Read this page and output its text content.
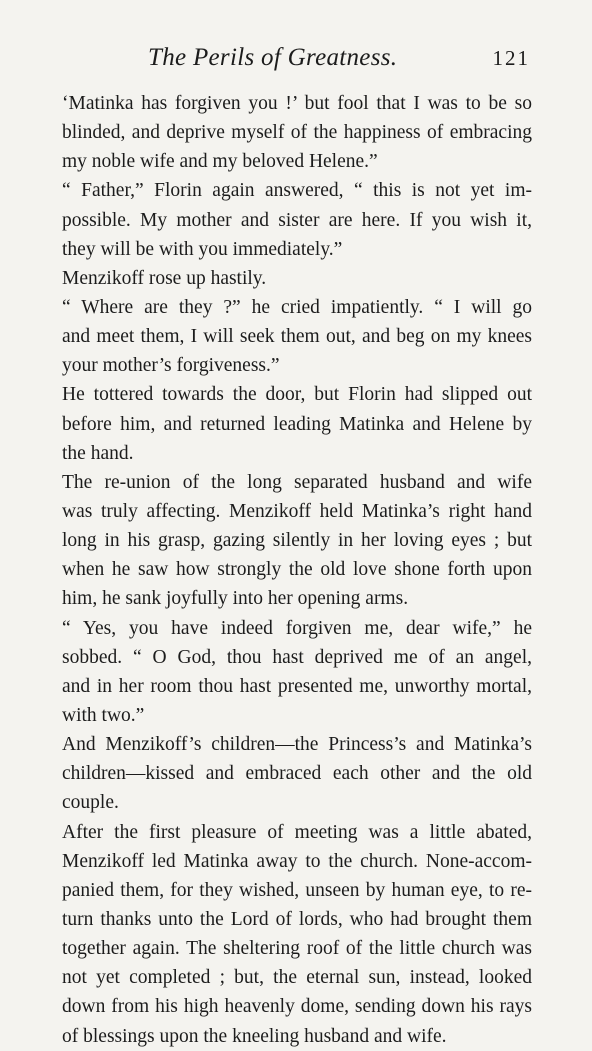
The Perils of Greatness.	121
‘Matinka has forgiven you !’ but fool that I was to be so
blinded, and deprive myself of the happiness of embracing
my noble wife and my beloved Helene.”
“ Father,” Florin again answered, “ this is not yet im-
possible. My mother and sister are here. If you wish it,
they will be with you immediately.”
Menzikoff rose up hastily.
“ Where are they ?” he cried impatiently. “ I will go
and meet them, I will seek them out, and beg on my knees
your mother’s forgiveness.”
He tottered towards the door, but Florin had slipped out
before him, and returned leading Matinka and Helene by
the hand.
The re-union of the long separated husband and wife
was truly affecting. Menzikoff held Matinka’s right hand
long in his grasp, gazing silently in her loving eyes ; but
when he saw how strongly the old love shone forth upon
him, he sank joyfully into her opening arms.
“ Yes, you have indeed forgiven me, dear wife,” he
sobbed. “ O God, thou hast deprived me of an angel,
and in her room thou hast presented me, unworthy mortal,
with two.”
And Menzikoff’s children—the Princess’s and Matinka’s
children—kissed and embraced each other and the old
couple.
After the first pleasure of meeting was a little abated,
Menzikoff led Matinka away to the church. None‑accom-
panied them, for they wished, unseen by human eye, to re-
turn thanks unto the Lord of lords, who had brought them
together again. The sheltering roof of the little church was
not yet completed ; but, the eternal sun, instead, looked
down from his high heavenly dome, sending down his rays
of blessings upon the kneeling husband and wife.
